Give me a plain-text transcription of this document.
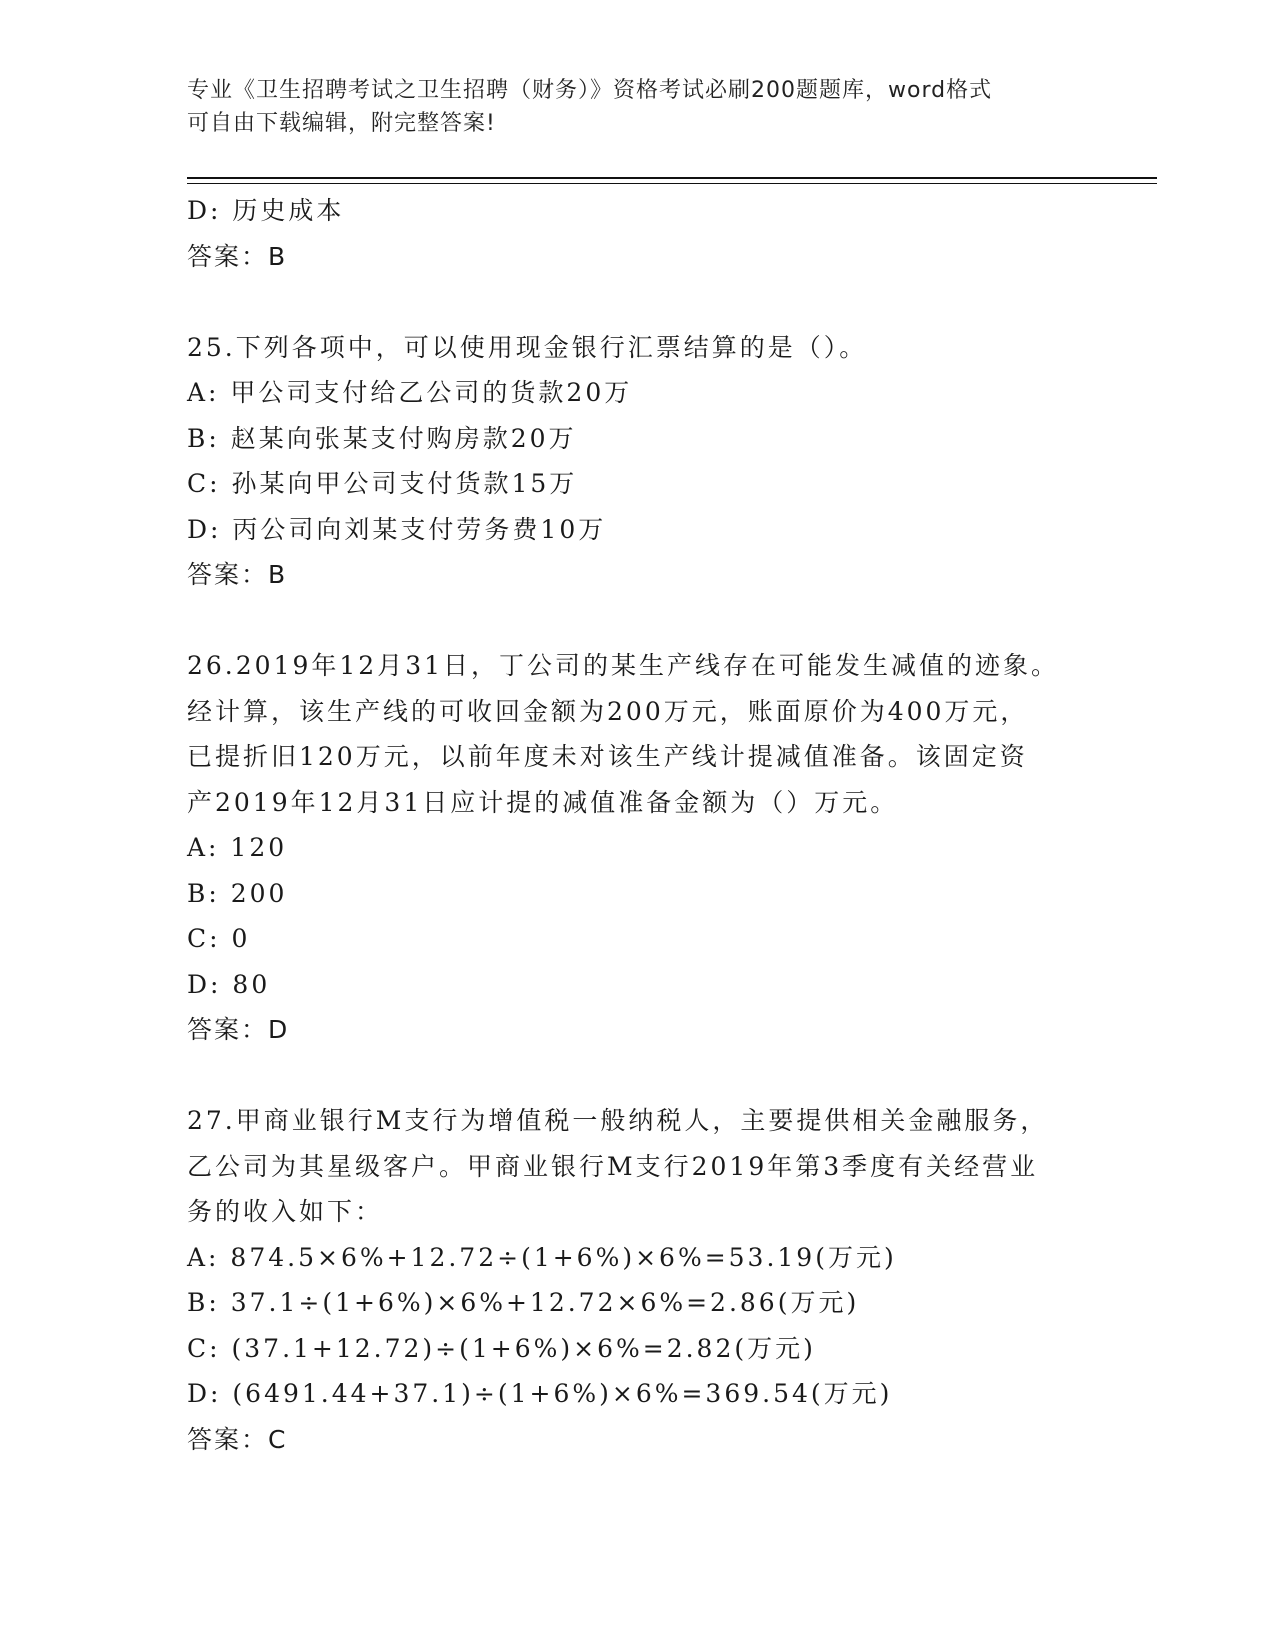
专业《卫生招聘考试之卫生招聘（财务）》资格考试必刷200题题库，word格式
可自由下载编辑，附完整答案!
D: 历史成本
答案：B
25.下列各项中，可以使用现金银行汇票结算的是（）。
A: 甲公司支付给乙公司的货款20万
B: 赵某向张某支付购房款20万
C: 孙某向甲公司支付货款15万
D: 丙公司向刘某支付劳务费10万
答案：B
26.2019年12月31日，丁公司的某生产线存在可能发生减值的迹象。
经计算，该生产线的可收回金额为200万元，账面原价为400万元，
已提折旧120万元，以前年度未对该生产线计提减值准备。该固定资
产2019年12月31日应计提的减值准备金额为（）万元。
A: 120
B: 200
C: 0
D: 80
答案：D
27.甲商业银行M支行为增值税一般纳税人，主要提供相关金融服务，
乙公司为其星级客户。甲商业银行M支行2019年第3季度有关经营业
务的收入如下：
A: 874.5×6%+12.72÷(1+6%)×6%=53.19(万元)
B: 37.1÷(1+6%)×6%+12.72×6%=2.86(万元)
C: (37.1+12.72)÷(1+6%)×6%=2.82(万元)
D: (6491.44+37.1)÷(1+6%)×6%=369.54(万元)
答案：C
